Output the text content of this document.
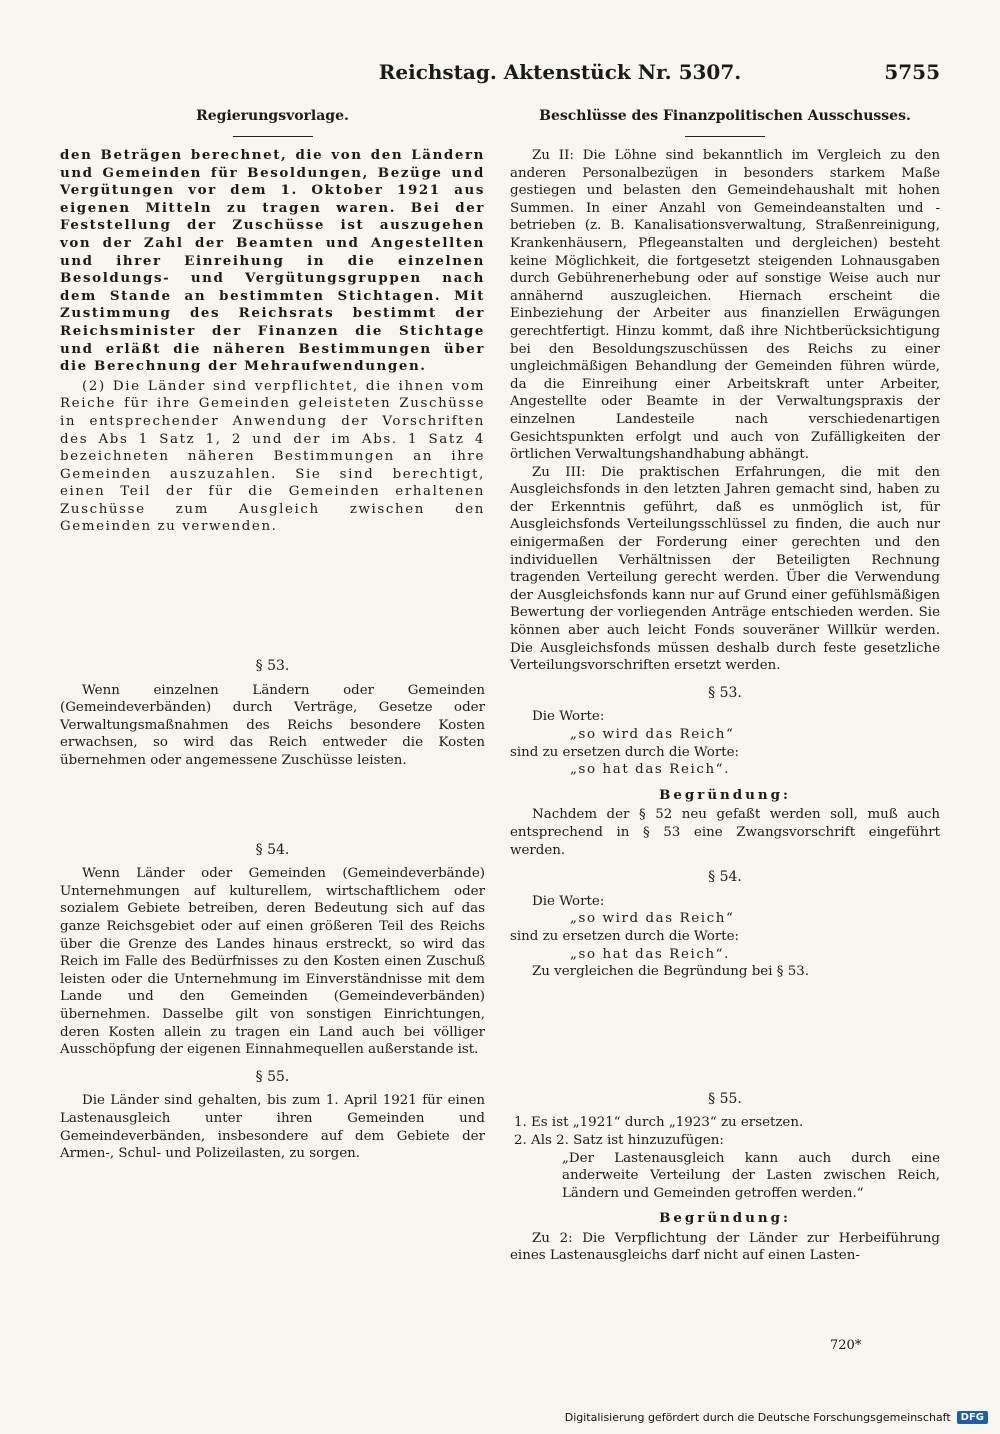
Reichstag. Aktenstück Nr. 5307.	5755
Regierungsvorlage.

den Beträgen berechnet, die von den Ländern und Gemeinden für Besoldungen, Bezüge und Vergütungen vor dem 1. Oktober 1921 aus eigenen Mitteln zu tragen waren. Bei der Feststellung der Zuschüsse ist auszugehen von der Zahl der Beamten und Angestellten und ihrer Einreihung in die einzelnen Besoldungs- und Vergütungsgruppen nach dem Stande an bestimmten Stichtagen. Mit Zustimmung des Reichsrats bestimmt der Reichsminister der Finanzen die Stichtage und erläßt die näheren Bestimmungen über die Berechnung der Mehraufwendungen.

(2) Die Länder sind verpflichtet, die ihnen vom Reiche für ihre Gemeinden geleisteten Zuschüsse in entsprechender Anwendung der Vorschriften des Abs 1 Satz 1, 2 und der im Abs. 1 Satz 4 bezeichneten näheren Bestimmungen an ihre Gemeinden auszuzahlen. Sie sind berechtigt, einen Teil der für die Gemeinden erhaltenen Zuschüsse zum Ausgleich zwischen den Gemeinden zu verwenden.

§ 53.

Wenn einzelnen Ländern oder Gemeinden (Gemeindeverbänden) durch Verträge, Gesetze oder Verwaltungsmaßnahmen des Reichs besondere Kosten erwachsen, so wird das Reich entweder die Kosten übernehmen oder angemessene Zuschüsse leisten.

§ 54.

Wenn Länder oder Gemeinden (Gemeindeverbände) Unternehmungen auf kulturellem, wirtschaftlichem oder sozialem Gebiete betreiben, deren Bedeutung sich auf das ganze Reichsgebiet oder auf einen größeren Teil des Reichs über die Grenze des Landes hinaus erstreckt, so wird das Reich im Falle des Bedürfnisses zu den Kosten einen Zuschuß leisten oder die Unternehmung im Einverständnisse mit dem Lande und den Gemeinden (Gemeindeverbänden) übernehmen. Dasselbe gilt von sonstigen Einrichtungen, deren Kosten allein zu tragen ein Land auch bei völliger Ausschöpfung der eigenen Einnahmequellen außerstande ist.

§ 55.

Die Länder sind gehalten, bis zum 1. April 1921 für einen Lastenausgleich unter ihren Gemeinden und Gemeindeverbänden, insbesondere auf dem Gebiete der Armen-, Schul- und Polizeilasten, zu sorgen.

Beschlüsse des Finanzpolitischen Ausschusses.

Zu II: Die Löhne sind bekanntlich im Vergleich zu den anderen Personalbezügen in besonders starkem Maße gestiegen und belasten den Gemeindehaushalt mit hohen Summen. In einer Anzahl von Gemeindeanstalten und -betrieben (z. B. Kanalisationsverwaltung, Straßenreinigung, Krankenhäusern, Pflegeanstalten und dergleichen) besteht keine Möglichkeit, die fortgesetzt steigenden Lohnausgaben durch Gebührenerhebung oder auf sonstige Weise auch nur annähernd auszugleichen. Hiernach erscheint die Einbeziehung der Arbeiter aus finanziellen Erwägungen gerechtfertigt. Hinzu kommt, daß ihre Nichtberücksichtigung bei den Besoldungszuschüssen des Reichs zu einer ungleichmäßigen Behandlung der Gemeinden führen würde, da die Einreihung einer Arbeitskraft unter Arbeiter, Angestellte oder Beamte in der Verwaltungspraxis der einzelnen Landesteile nach verschiedenartigen Gesichtspunkten erfolgt und auch von Zufälligkeiten der örtlichen Verwaltungshandhabung abhängt.

Zu III: Die praktischen Erfahrungen, die mit den Ausgleichsfonds in den letzten Jahren gemacht sind, haben zu der Erkenntnis geführt, daß es unmöglich ist, für Ausgleichsfonds Verteilungsschlüssel zu finden, die auch nur einigermaßen der Forderung einer gerechten und den individuellen Verhältnissen der Beteiligten Rechnung tragenden Verteilung gerecht werden. Über die Verwendung der Ausgleichsfonds kann nur auf Grund einer gefühlsmäßigen Bewertung der vorliegenden Anträge entschieden werden. Sie können aber auch leicht Fonds souveräner Willkür werden. Die Ausgleichsfonds müssen deshalb durch feste gesetzliche Verteilungsvorschriften ersetzt werden.

§ 53.

Die Worte:

„so wird das Reich“

sind zu ersetzen durch die Worte:

„so hat das Reich“.

Begründung:

Nachdem der § 52 neu gefaßt werden soll, muß auch entsprechend in § 53 eine Zwangsvorschrift eingeführt werden.

§ 54.

Die Worte:

„so wird das Reich“

sind zu ersetzen durch die Worte:

„so hat das Reich“.

Zu vergleichen die Begründung bei § 53.

§ 55.

1. Es ist „1921“ durch „1923“ zu ersetzen.

2. Als 2. Satz ist hinzuzufügen:

„Der Lastenausgleich kann auch durch eine anderweite Verteilung der Lasten zwischen Reich, Ländern und Gemeinden getroffen werden.“

Begründung:

Zu 2: Die Verpflichtung der Länder zur Herbeiführung eines Lastenausgleichs darf nicht auf einen Lasten-

720*
Digitalisierung gefördert durch die Deutsche Forschungsgemeinschaft	DFG
